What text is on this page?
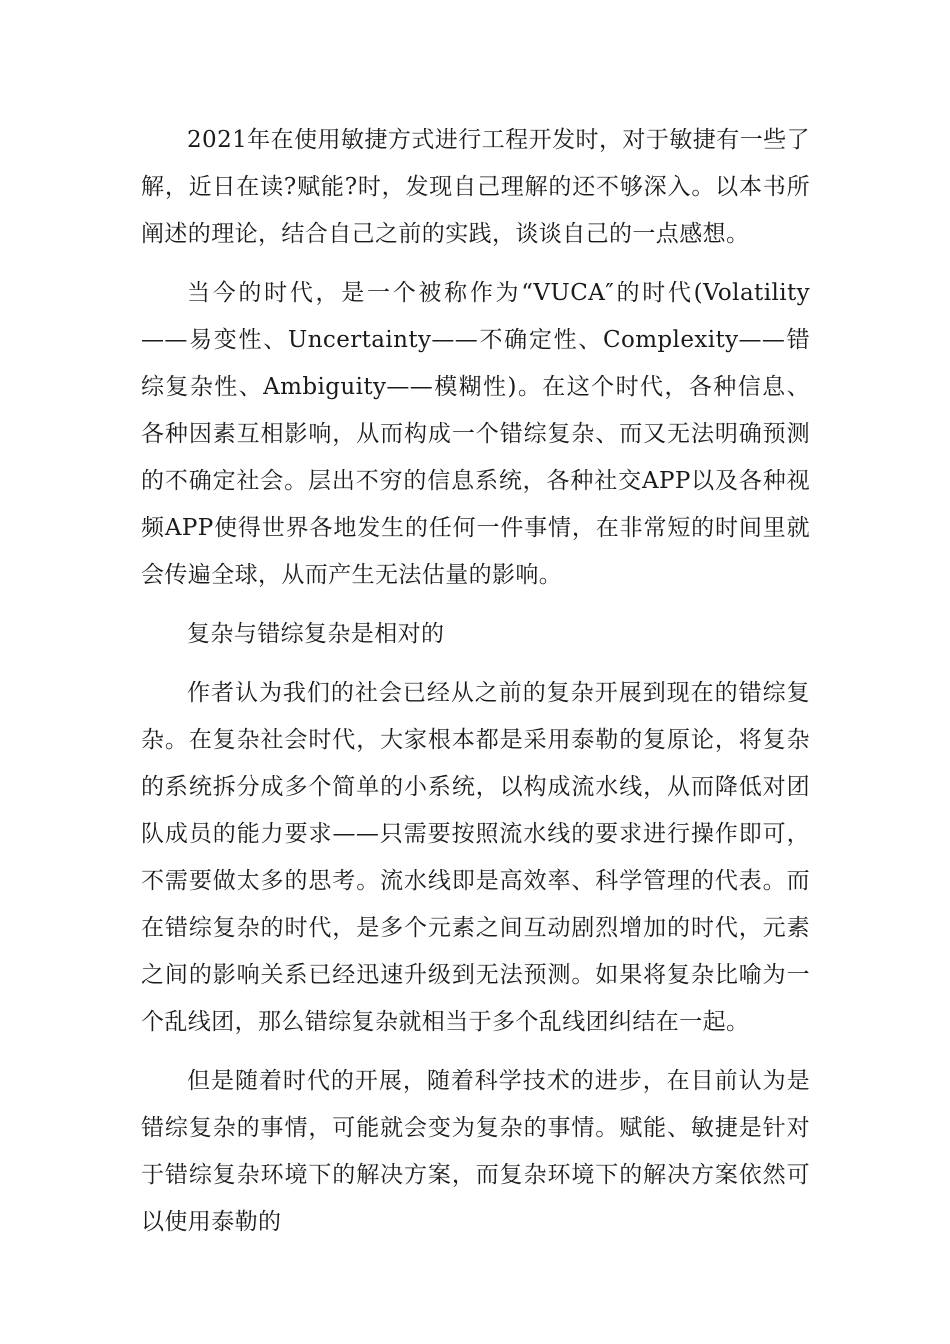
2021年在使用敏捷方式进行工程开发时，对于敏捷有一些了解，近日在读?赋能?时，发现自己理解的还不够深入。以本书所阐述的理论，结合自己之前的实践，谈谈自己的一点感想。

当今的时代，是一个被称作为“VUCA″的时代(Volatility——易变性、Uncertainty——不确定性、Complexity——错综复杂性、Ambiguity——模糊性)。在这个时代，各种信息、各种因素互相影响，从而构成一个错综复杂、而又无法明确预测的不确定社会。层出不穷的信息系统，各种社交APP以及各种视频APP使得世界各地发生的任何一件事情，在非常短的时间里就会传遍全球，从而产生无法估量的影响。

复杂与错综复杂是相对的

作者认为我们的社会已经从之前的复杂开展到现在的错综复杂。在复杂社会时代，大家根本都是采用泰勒的复原论，将复杂的系统拆分成多个简单的小系统，以构成流水线，从而降低对团队成员的能力要求——只需要按照流水线的要求进行操作即可，不需要做太多的思考。流水线即是高效率、科学管理的代表。而在错综复杂的时代，是多个元素之间互动剧烈增加的时代，元素之间的影响关系已经迅速升级到无法预测。如果将复杂比喻为一个乱线团，那么错综复杂就相当于多个乱线团纠结在一起。

但是随着时代的开展，随着科学技术的进步，在目前认为是错综复杂的事情，可能就会变为复杂的事情。赋能、敏捷是针对于错综复杂环境下的解决方案，而复杂环境下的解决方案依然可以使用泰勒的
